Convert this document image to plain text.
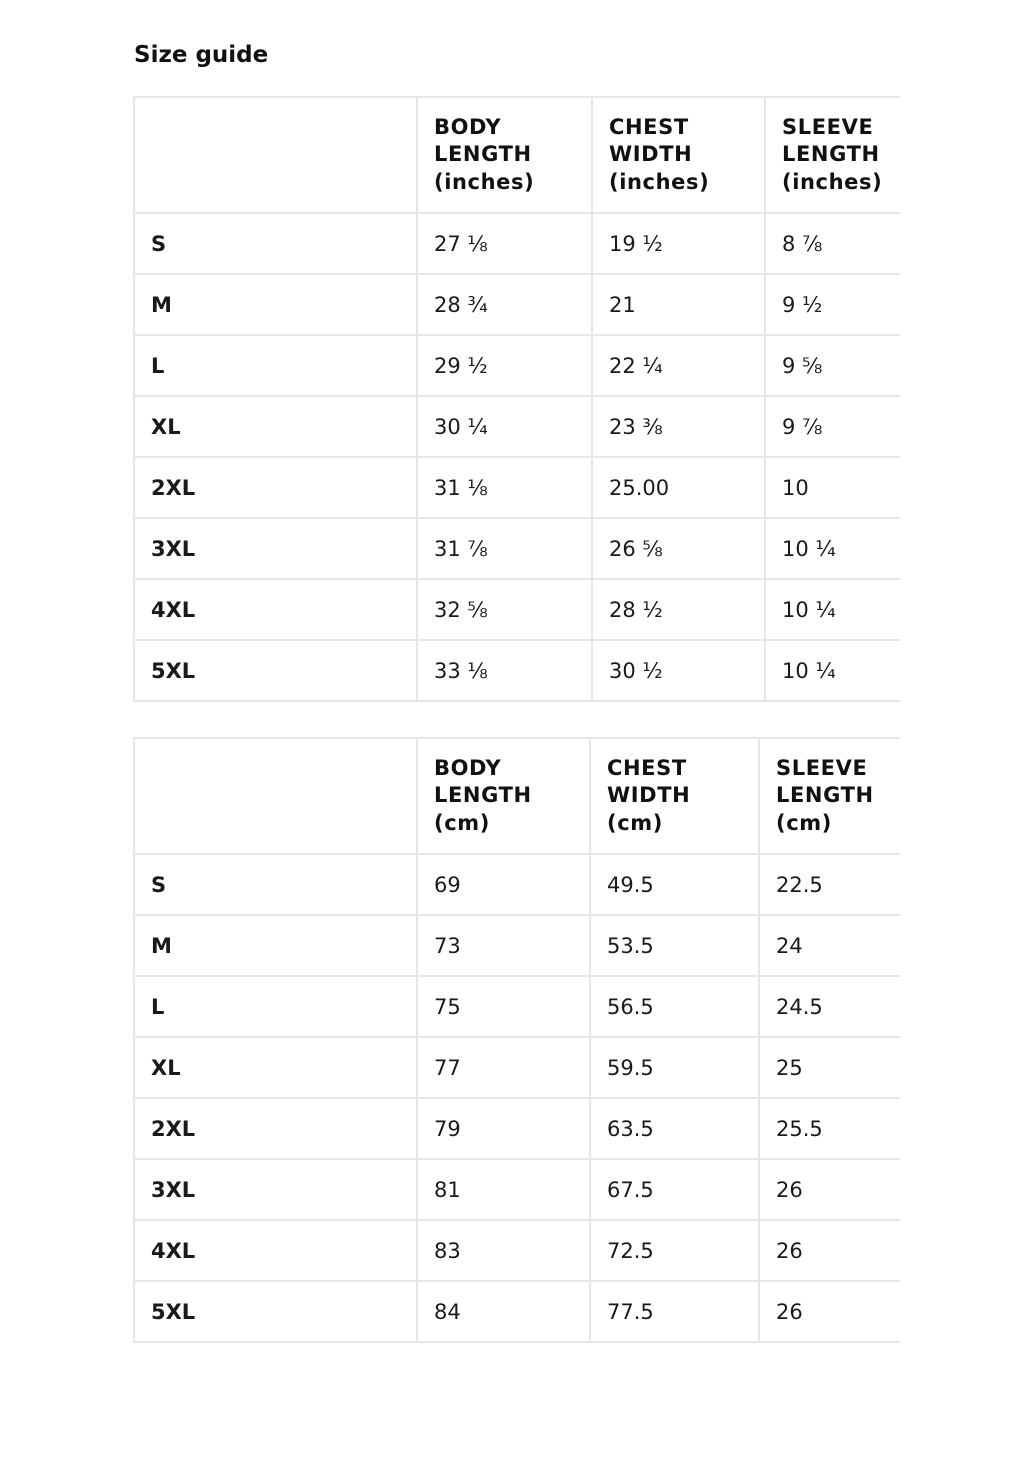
Size guide

	BODY
LENGTH
(inches)	CHEST
WIDTH
(inches)	SLEEVE
LENGTH
(inches)

S	27 ⅛	19 ½	8 ⅞
M	28 ¾	21	9 ½
L	29 ½	22 ¼	9 ⅝
XL	30 ¼	23 ⅜	9 ⅞
2XL	31 ⅛	25.00	10
3XL	31 ⅞	26 ⅝	10 ¼
4XL	32 ⅝	28 ½	10 ¼
5XL	33 ⅛	30 ½	10 ¼

	BODY
LENGTH
(cm)	CHEST
WIDTH
(cm)	SLEEVE
LENGTH
(cm)

S	69	49.5	22.5
M	73	53.5	24
L	75	56.5	24.5
XL	77	59.5	25
2XL	79	63.5	25.5
3XL	81	67.5	26
4XL	83	72.5	26
5XL	84	77.5	26
